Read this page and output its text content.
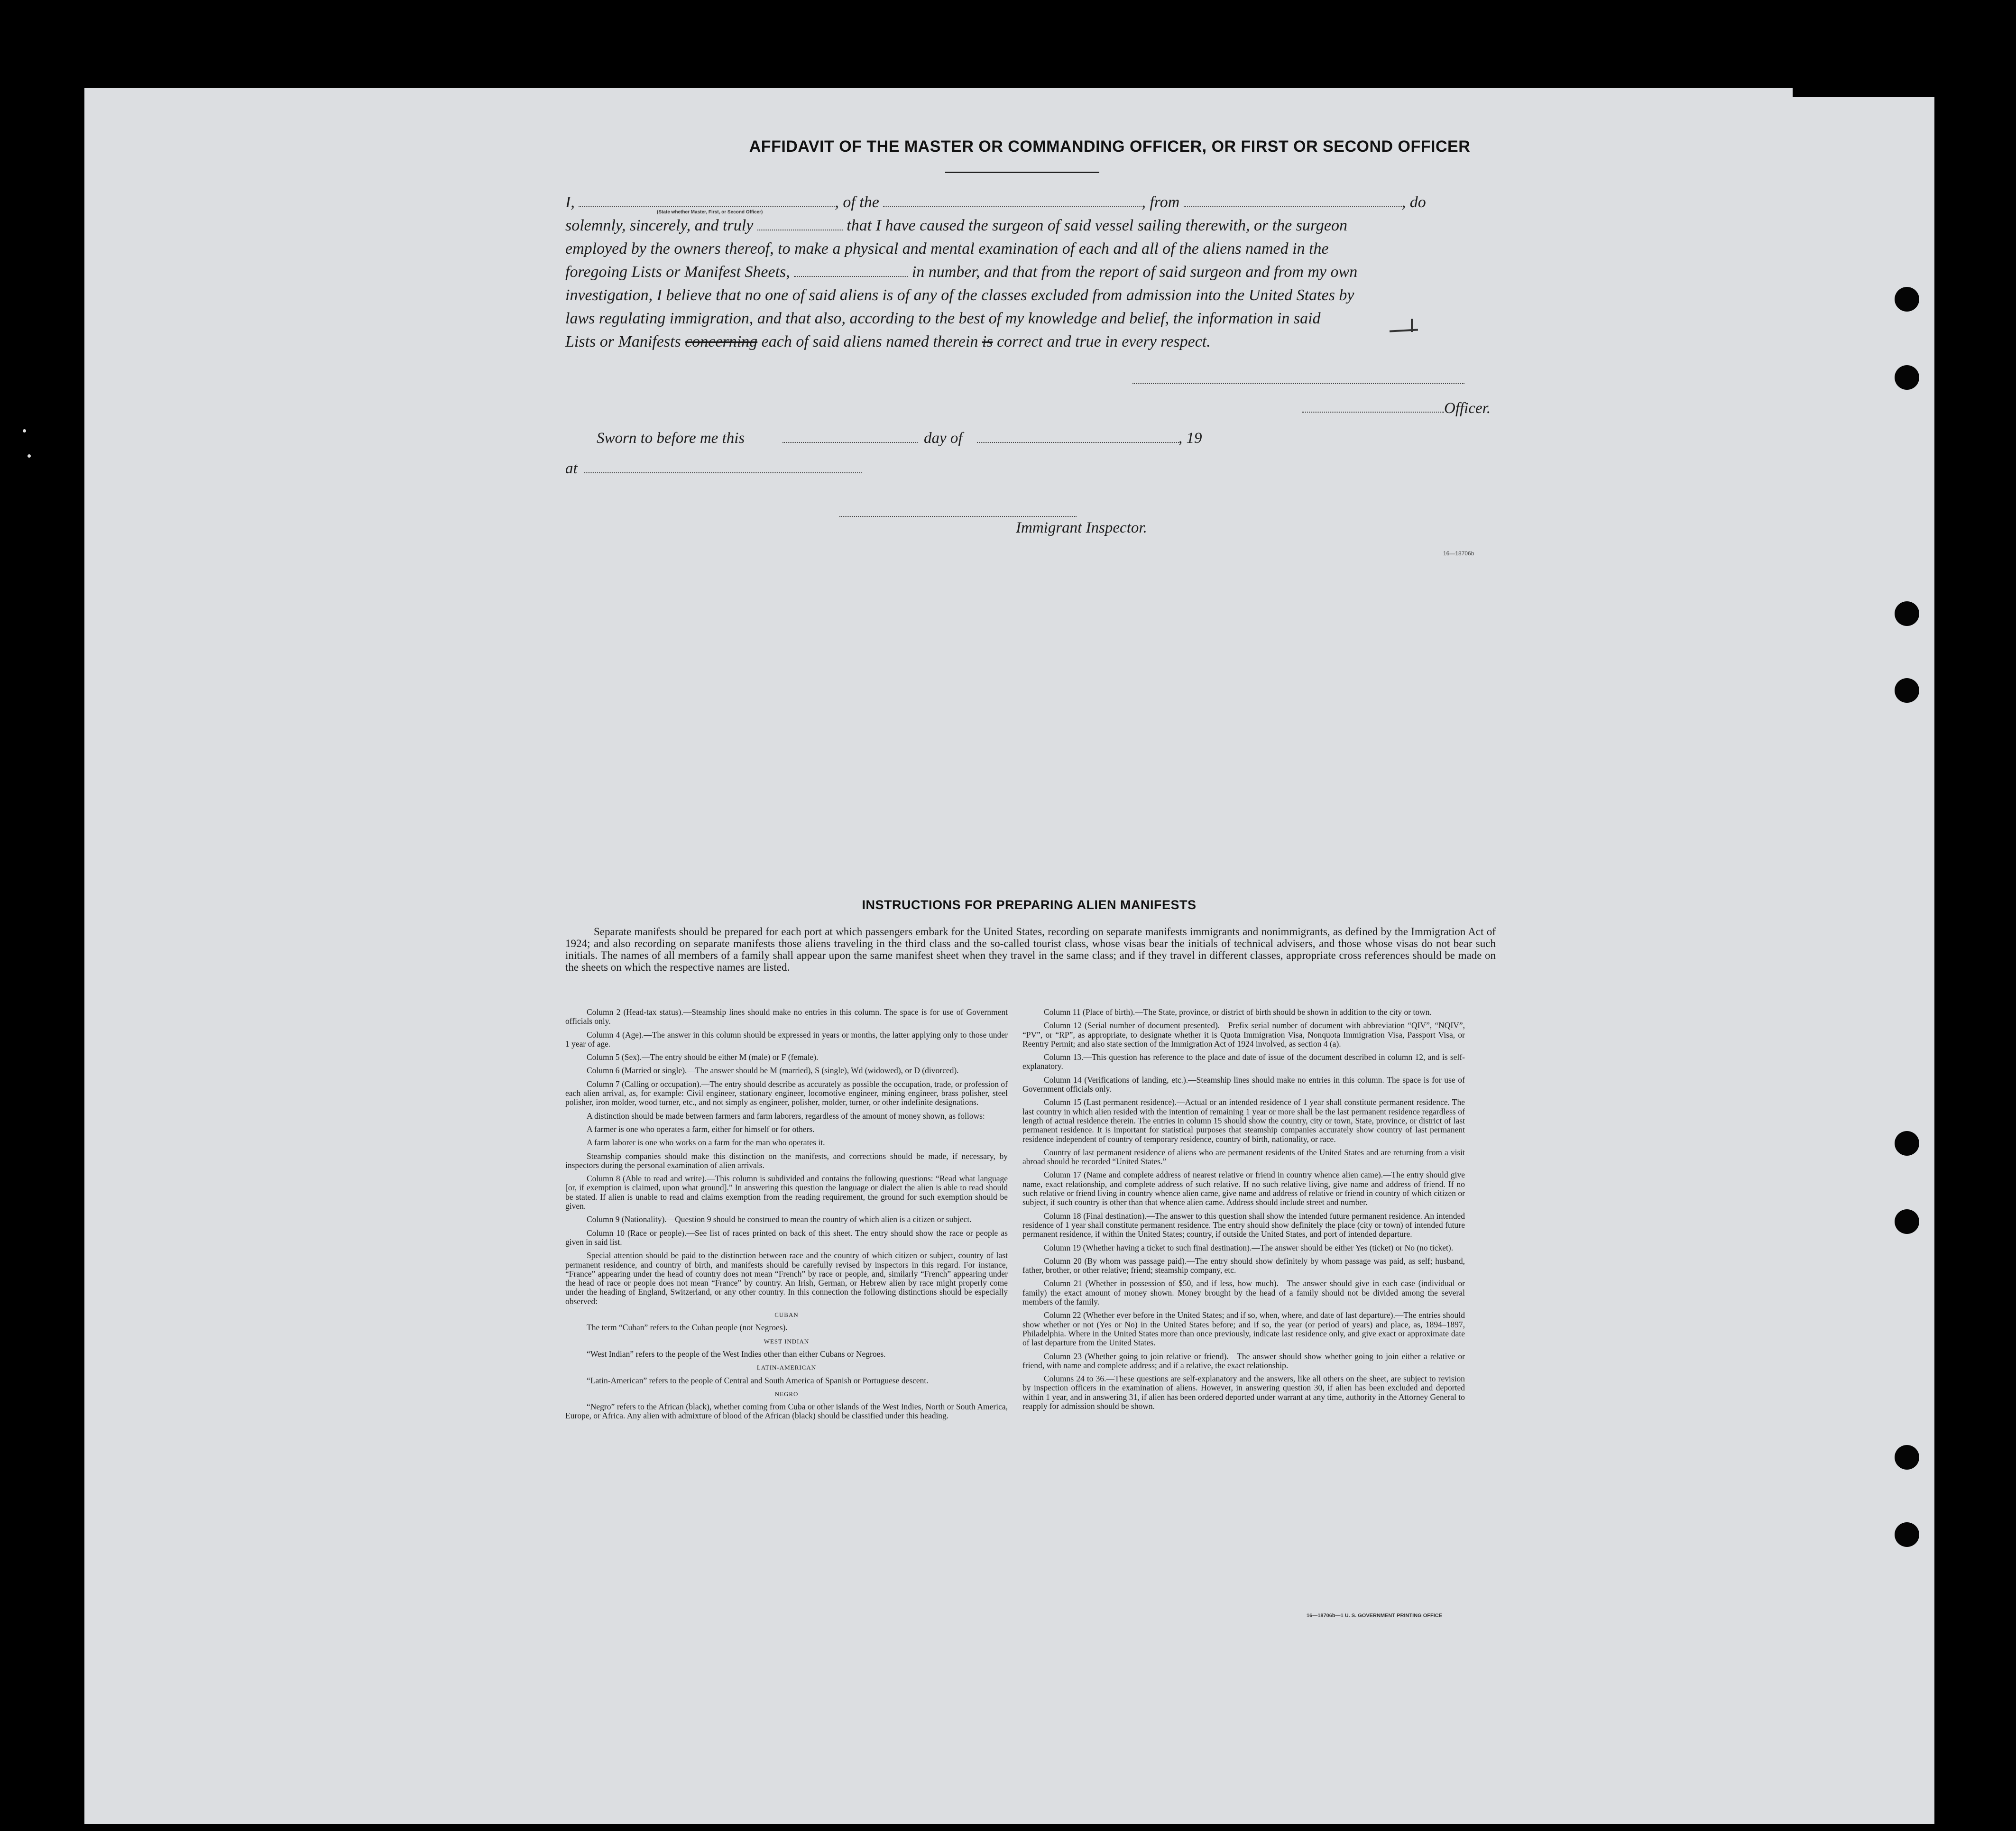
AFFIDAVIT OF THE MASTER OR COMMANDING OFFICER, OR FIRST OR SECOND OFFICER
I,	, of the	, from	, do
solemnly, sincerely, and truly	that I have caused the surgeon of said vessel sailing therewith, or the surgeon
employed by the owners thereof, to make a physical and mental examination of each and all of the aliens named in the
foregoing Lists or Manifest Sheets,	in number, and that from the report of said surgeon and from my own
investigation, I believe that no one of said aliens is of any of the classes excluded from admission into the United States by
laws regulating immigration, and that also, according to the best of my knowledge and belief, the information in said
Lists or Manifests concerning each of said aliens named therein is correct and true in every respect.
(State whether Master, First, or Second Officer)
Officer.
Sworn to before me this	day of	, 19
at
Immigrant Inspector.
16—18706b
INSTRUCTIONS FOR PREPARING ALIEN MANIFESTS
Separate manifests should be prepared for each port at which passengers embark for the United States, recording on separate manifests immigrants and nonimmigrants, as defined by the Immigration Act of 1924; and also recording on separate manifests those aliens traveling in the third class and the so-called tourist class, whose visas bear the initials of technical advisers, and those whose visas do not bear such initials. The names of all members of a family shall appear upon the same manifest sheet when they travel in the same class; and if they travel in different classes, appropriate cross references should be made on the sheets on which the respective names are listed.

Column 2 (Head-tax status).—Steamship lines should make no entries in this column. The space is for use of Government officials only.

Column 4 (Age).—The answer in this column should be expressed in years or months, the latter applying only to those under 1 year of age.

Column 5 (Sex).—The entry should be either M (male) or F (female).

Column 6 (Married or single).—The answer should be M (married), S (single), Wd (widowed), or D (divorced).

Column 7 (Calling or occupation).—The entry should describe as accurately as possible the occupation, trade, or profession of each alien arrival, as, for example: Civil engineer, stationary engineer, locomotive engineer, mining engineer, brass polisher, steel polisher, iron molder, wood turner, etc., and not simply as engineer, polisher, molder, turner, or other indefinite designations.

A distinction should be made between farmers and farm laborers, regardless of the amount of money shown, as follows:

A farmer is one who operates a farm, either for himself or for others.

A farm laborer is one who works on a farm for the man who operates it.

Steamship companies should make this distinction on the manifests, and corrections should be made, if necessary, by inspectors during the personal examination of alien arrivals.

Column 8 (Able to read and write).—This column is subdivided and contains the following questions: “Read what language [or, if exemption is claimed, upon what ground].” In answering this question the language or dialect the alien is able to read should be stated. If alien is unable to read and claims exemption from the reading requirement, the ground for such exemption should be given.

Column 9 (Nationality).—Question 9 should be construed to mean the country of which alien is a citizen or subject.

Column 10 (Race or people).—See list of races printed on back of this sheet. The entry should show the race or people as given in said list.

Special attention should be paid to the distinction between race and the country of which citizen or subject, country of last permanent residence, and country of birth, and manifests should be carefully revised by inspectors in this regard. For instance, “France” appearing under the head of country does not mean “French” by race or people, and, similarly “French” appearing under the head of race or people does not mean “France” by country. An Irish, German, or Hebrew alien by race might properly come under the heading of England, Switzerland, or any other country. In this connection the following distinctions should be especially observed:

CUBAN

The term “Cuban” refers to the Cuban people (not Negroes).

WEST INDIAN

“West Indian” refers to the people of the West Indies other than either Cubans or Negroes.

LATIN-AMERICAN

“Latin-American” refers to the people of Central and South America of Spanish or Portuguese descent.

NEGRO

“Negro” refers to the African (black), whether coming from Cuba or other islands of the West Indies, North or South America, Europe, or Africa. Any alien with admixture of blood of the African (black) should be classified under this heading.

Column 11 (Place of birth).—The State, province, or district of birth should be shown in addition to the city or town.

Column 12 (Serial number of document presented).—Prefix serial number of document with abbreviation “QIV”, “NQIV”, “PV”, or “RP”, as appropriate, to designate whether it is Quota Immigration Visa, Nonquota Immigration Visa, Passport Visa, or Reentry Permit; and also state section of the Immigration Act of 1924 involved, as section 4 (a).

Column 13.—This question has reference to the place and date of issue of the document described in column 12, and is self-explanatory.

Column 14 (Verifications of landing, etc.).—Steamship lines should make no entries in this column. The space is for use of Government officials only.

Column 15 (Last permanent residence).—Actual or an intended residence of 1 year shall constitute permanent residence. The last country in which alien resided with the intention of remaining 1 year or more shall be the last permanent residence regardless of length of actual residence therein. The entries in column 15 should show the country, city or town, State, province, or district of last permanent residence. It is important for statistical purposes that steamship companies accurately show country of last permanent residence independent of country of temporary residence, country of birth, nationality, or race.

Country of last permanent residence of aliens who are permanent residents of the United States and are returning from a visit abroad should be recorded “United States.”

Column 17 (Name and complete address of nearest relative or friend in country whence alien came).—The entry should give name, exact relationship, and complete address of such relative. If no such relative living, give name and address of friend. If no such relative or friend living in country whence alien came, give name and address of relative or friend in country of which citizen or subject, if such country is other than that whence alien came. Address should include street and number.

Column 18 (Final destination).—The answer to this question shall show the intended future permanent residence. An intended residence of 1 year shall constitute permanent residence. The entry should show definitely the place (city or town) of intended future permanent residence, if within the United States; country, if outside the United States, and port of intended departure.

Column 19 (Whether having a ticket to such final destination).—The answer should be either Yes (ticket) or No (no ticket).

Column 20 (By whom was passage paid).—The entry should show definitely by whom passage was paid, as self; husband, father, brother, or other relative; friend; steamship company, etc.

Column 21 (Whether in possession of $50, and if less, how much).—The answer should give in each case (individual or family) the exact amount of money shown. Money brought by the head of a family should not be divided among the several members of the family.

Column 22 (Whether ever before in the United States; and if so, when, where, and date of last departure).—The entries should show whether or not (Yes or No) in the United States before; and if so, the year (or period of years) and place, as, 1894–1897, Philadelphia. Where in the United States more than once previously, indicate last residence only, and give exact or approximate date of last departure from the United States.

Column 23 (Whether going to join relative or friend).—The answer should show whether going to join either a relative or friend, with name and complete address; and if a relative, the exact relationship.

Columns 24 to 36.—These questions are self-explanatory and the answers, like all others on the sheet, are subject to revision by inspection officers in the examination of aliens. However, in answering question 30, if alien has been excluded and deported within 1 year, and in answering 31, if alien has been ordered deported under warrant at any time, authority in the Attorney General to reapply for admission should be shown.

16—18706b—1 U. S. GOVERNMENT PRINTING OFFICE
